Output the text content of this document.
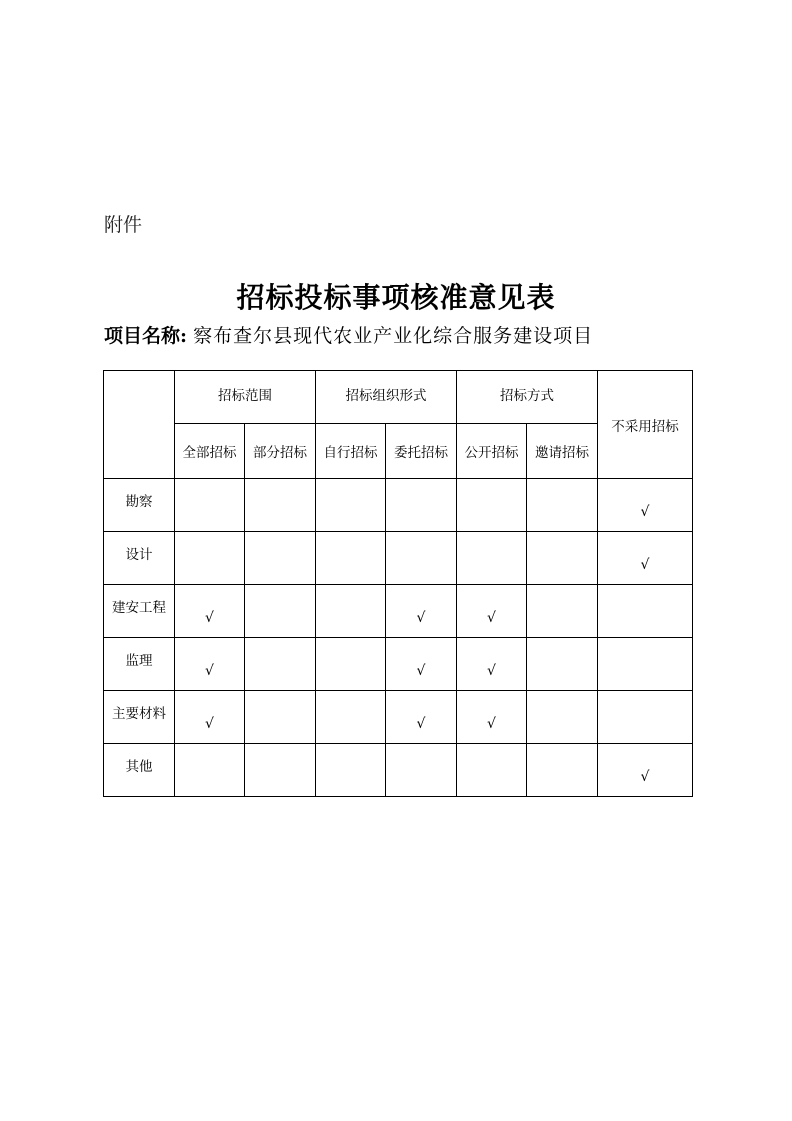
附件
招标投标事项核准意见表
项目名称: 察布查尔县现代农业产业化综合服务建设项目
	招标范围		招标组织形式		招标方式		不采用招标
	全部招标	部分招标	自行招标	委托招标	公开招标	邀请招标	
勘察							√
设计							√
建安工程	√			√	√		
监理	√			√	√		
主要材料	√			√	√		
其他							√
